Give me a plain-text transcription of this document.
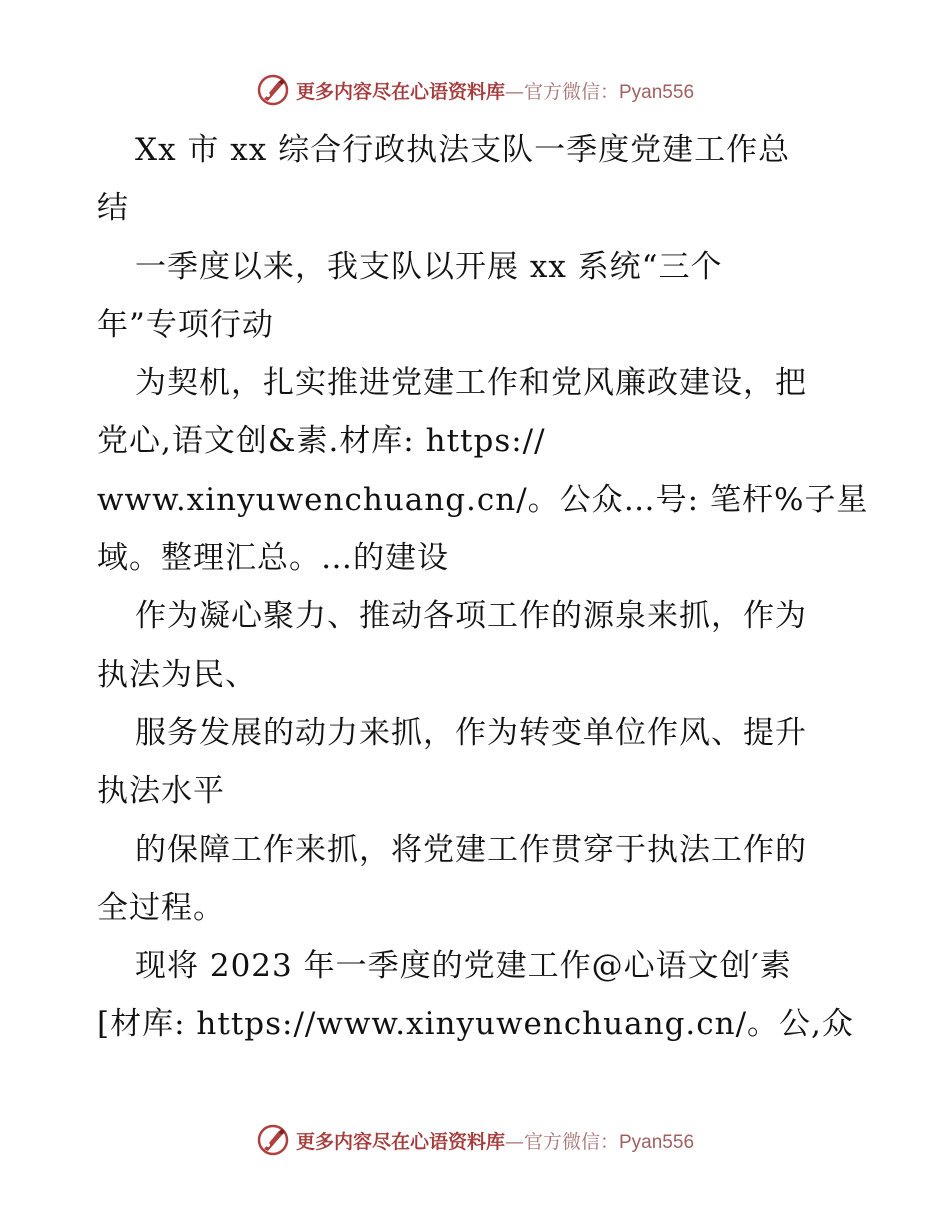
更多内容尽在心语资料库—官方微信：Pyan556
Xx 市 xx 综合行政执法支队一季度党建工作总
结
一季度以来，我支队以开展 xx 系统“三个
年”专项行动
为契机，扎实推进党建工作和党风廉政建设，把
党心,语文创&素.材库: https://
www.xinyuwenchuang.cn/。公众…号: 笔杆%子星
域。整理汇总。…的建设
作为凝心聚力、推动各项工作的源泉来抓，作为
执法为民、
服务发展的动力来抓，作为转变单位作风、提升
执法水平
的保障工作来抓，将党建工作贯穿于执法工作的
全过程。
现将 2023 年一季度的党建工作@心语文创′素
[材库: https://www.xinyuwenchuang.cn/。公,众
更多内容尽在心语资料库—官方微信：Pyan556
